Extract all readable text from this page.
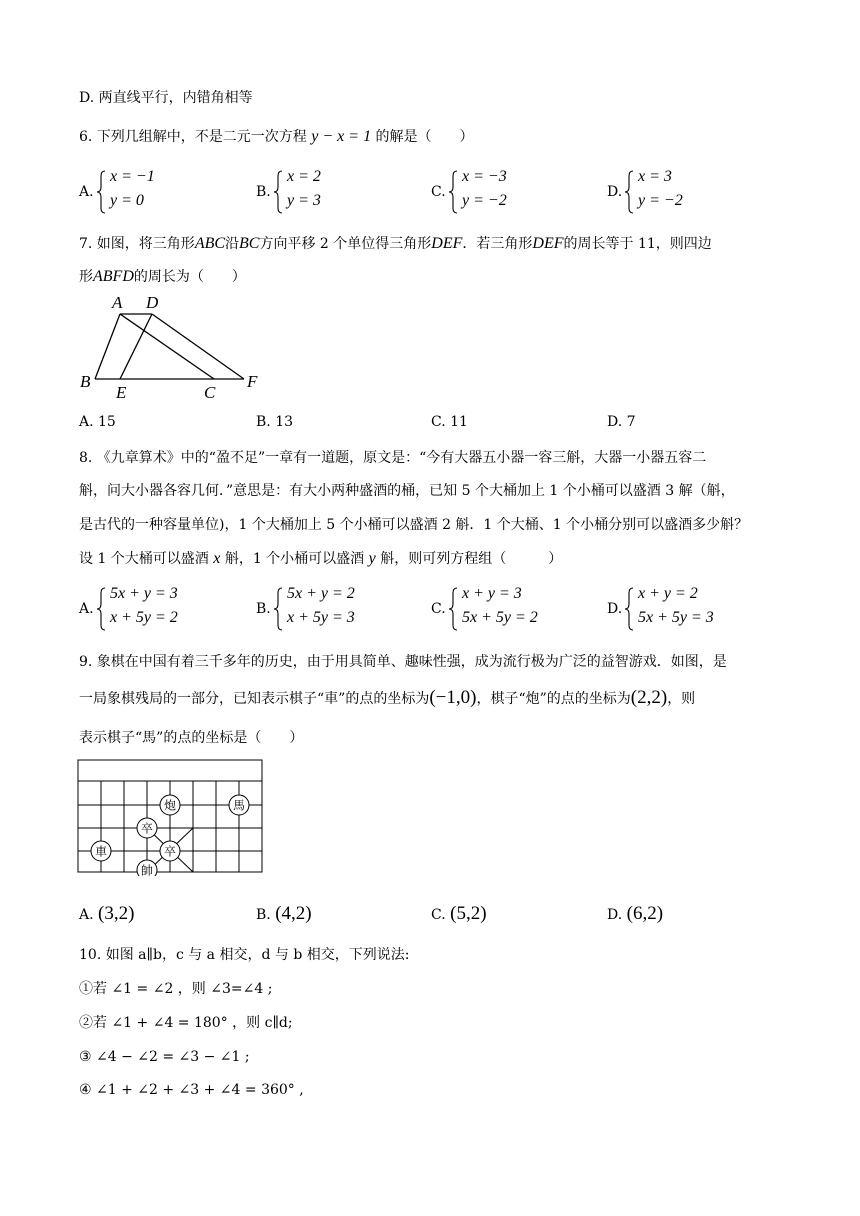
D. 两直线平行，内错角相等
6. 下列几组解中，不是二元一次方程 y − x = 1 的解是（　　）
A.
x = −1
y = 0	B.
x = 2
y = 3	C.
x = −3
y = −2	D.
x = 3
y = −2
7. 如图，将三角形ABC沿BC方向平移 2 个单位得三角形DEF．若三角形DEF的周长等于 11，则四边
形ABFD的周长为（　　）
A D
B
E	C
F
A. 15	B. 13	C. 11	D. 7
8. 《九章算术》中的“盈不足”一章有一道题，原文是：“今有大器五小器一容三斛，大器一小器五容二
斛，问大小器各容几何．”意思是：有大小两种盛酒的桶，已知 5 个大桶加上 1 个小桶可以盛酒 3 解（斛，
是古代的一种容量单位)，1 个大桶加上 5 个小桶可以盛酒 2 斛．1 个大桶、1 个小桶分别可以盛酒多少斛？
设 1 个大桶可以盛酒 x 斛，1 个小桶可以盛酒 y 斛，则可列方程组（　　　）
A.
5x + y = 3
x + 5y = 2	B.
5x + y = 2
x + 5y = 3	C.
x + y = 3
5x + 5y = 2	D.
x + y = 2
5x + 5y = 3
9. 象棋在中国有着三千多年的历史，由于用具简单、趣味性强，成为流行极为广泛的益智游戏．如图，是
一局象棋残局的一部分，已知表示棋子“車”的点的坐标为(−1,0)，棋子“炮”的点的坐标为(2,2)，则
表示棋子“馬”的点的坐标是（　　）
炮	馬
卒
車	卒
帥
A. (3,2)	B. (4,2)	C. (5,2)	D. (6,2)
10. 如图 a∥b，c 与 a 相交，d 与 b 相交，下列说法:
①若 ∠1 = ∠2 ，则 ∠3=∠4 ;
②若 ∠1 + ∠4 = 180° ，则 c∥d;
③ ∠4 − ∠2 = ∠3 − ∠1 ;
④ ∠1 + ∠2 + ∠3 + ∠4 = 360° ,
